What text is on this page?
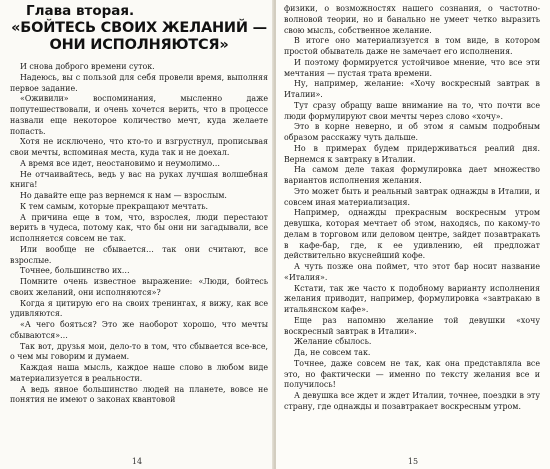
Глава вторая.
«БОЙТЕСЬ СВОИХ ЖЕЛАНИЙ —
ОНИ ИСПОЛНЯЮТСЯ»

И снова доброго времени суток.

Надеюсь, вы с пользой для себя провели время, выполняя первое задание.

«Оживили» воспоминания, мысленно даже попутешествовали, и очень хочется верить, что в процессе назвали еще некоторое количество мечт, куда желаете попасть.

Хотя не исключено, что кто-то и взгрустнул, прописывая свои мечты, вспоминая места, куда так и не доехал.

А время все идет, неостановимо и неумолимо…

Не отчаивайтесь, ведь у вас на руках лучшая волшебная книга!

Но давайте еще раз вернемся к нам — взрослым.

К тем самым, которые прекращают мечтать.

А причина еще в том, что, взрослея, люди перестают верить в чудеса, потому как, что бы они ни загадывали, все исполняется совсем не так.

Или вообще не сбывается… так они считают, все взрослые.

Точнее, большинство их…

Помните очень известное выражение: «Люди, бойтесь своих желаний, они исполняются»?

Когда я цитирую его на своих тренингах, я вижу, как все удивляются.

«А чего бояться? Это же наоборот хорошо, что мечты сбываются»…

Так вот, друзья мои, дело-то в том, что сбывается все-все, о чем мы говорим и думаем.

Каждая наша мысль, каждое наше слово в любом виде материализуется в реальности.

А ведь явное большинство людей на планете, вовсе не понятия не имеют о законах квантовой

14

физики, о возможностях нашего сознания, о частотно-волновой теории, но и банально не умеет четко выразить свою мысль, собственное желание.

В итоге оно материализуется в том виде, в котором простой обыватель даже не замечает его исполнения.

И поэтому формируется устойчивое мнение, что все эти мечтания — пустая трата времени.

Ну, например, желание: «Хочу воскресный завтрак в Италии».

Тут сразу обращу ваше внимание на то, что почти все люди формулируют свои мечты через слово «хочу».

Это в корне неверно, и об этом я самым подробным образом расскажу чуть дальше.

Но в примерах будем придерживаться реалий дня. Вернемся к завтраку в Италии.

На самом деле такая формулировка дает множество вариантов исполнения желания.

Это может быть и реальный завтрак однажды в Италии, и совсем иная материализация.

Например, однажды прекрасным воскресным утром девушка, которая мечтает об этом, находясь, по какому-то делам в торговом или деловом центре, зайдет позавтракать в кафе-бар, где, к ее удивлению, ей предложат действительно вкуснейший кофе.

А чуть позже она поймет, что этот бар носит название «Италия».

Кстати, так же часто к подобному варианту исполнения желания приводит, например, формулировка «завтракаю в итальянском кафе».

Еще раз напомню желание той девушки «хочу воскресный завтрак в Италии».

Желание сбылось.

Да, не совсем так.

Точнее, даже совсем не так, как она представляла все это, но фактически — именно по тексту желания все и получилось!

А девушка все ждет и ждет Италии, точнее, поездки в эту страну, где однажды и позавтракает воскресным утром.

15
